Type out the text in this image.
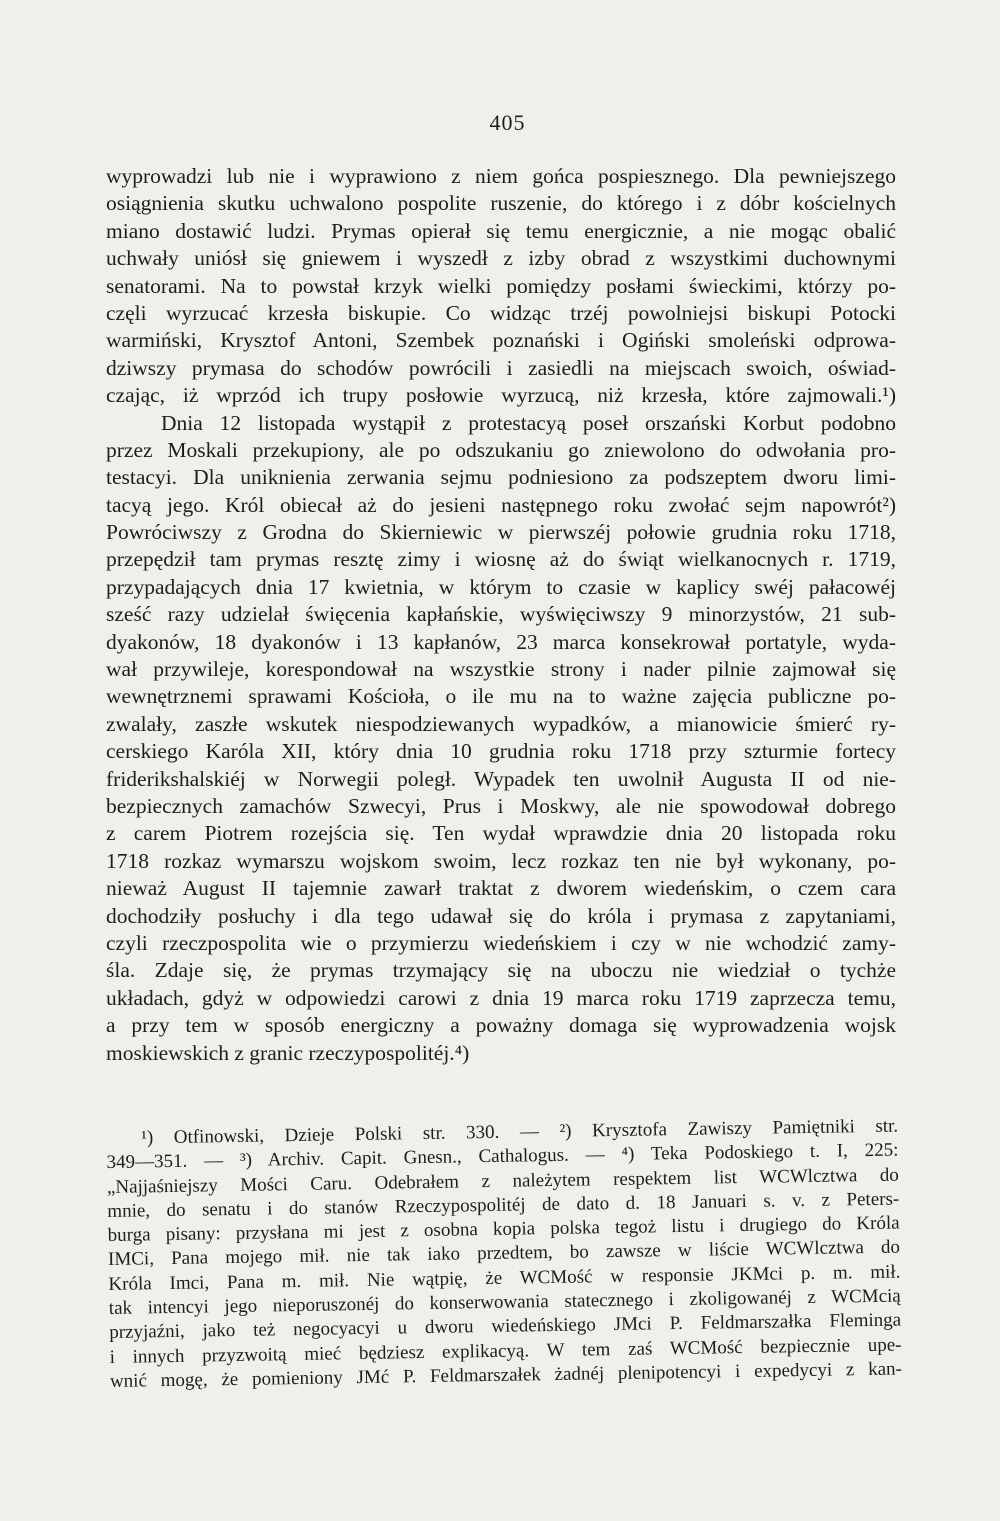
405
wyprowadzi lub nie i wyprawiono z niem gońca pospiesznego. Dla pewniejszego
osiągnienia skutku uchwalono pospolite ruszenie, do którego i z dóbr kościelnych
miano dostawić ludzi. Prymas opierał się temu energicznie, a nie mogąc obalić
uchwały uniósł się gniewem i wyszedł z izby obrad z wszystkimi duchownymi
senatorami. Na to powstał krzyk wielki pomiędzy posłami świeckimi, którzy po-
częli wyrzucać krzesła biskupie. Co widząc trzéj powolniejsi biskupi Potocki
warmiński, Krysztof Antoni, Szembek poznański i Ogiński smoleński odprowa-
dziwszy prymasa do schodów powrócili i zasiedli na miejscach swoich, oświad-
czając, iż wprzód ich trupy posłowie wyrzucą, niż krzesła, które zajmowali.¹)
Dnia 12 listopada wystąpił z protestacyą poseł orszański Korbut podobno
przez Moskali przekupiony, ale po odszukaniu go zniewolono do odwołania pro-
testacyi. Dla uniknienia zerwania sejmu podniesiono za podszeptem dworu limi-
tacyą jego. Król obiecał aż do jesieni następnego roku zwołać sejm napowrót²)
Powróciwszy z Grodna do Skierniewic w pierwszéj połowie grudnia roku 1718,
przepędził tam prymas resztę zimy i wiosnę aż do świąt wielkanocnych r. 1719,
przypadających dnia 17 kwietnia, w którym to czasie w kaplicy swéj pałacowéj
sześć razy udzielał święcenia kapłańskie, wyświęciwszy 9 minorzystów, 21 sub-
dyakonów, 18 dyakonów i 13 kapłanów, 23 marca konsekrował portatyle, wyda-
wał przywileje, korespondował na wszystkie strony i nader pilnie zajmował się
wewnętrznemi sprawami Kościoła, o ile mu na to ważne zajęcia publiczne po-
zwalały, zaszłe wskutek niespodziewanych wypadków, a mianowicie śmierć ry-
cerskiego Karóla XII, który dnia 10 grudnia roku 1718 przy szturmie fortecy
friderikshalskiéj w Norwegii poległ. Wypadek ten uwolnił Augusta II od nie-
bezpiecznych zamachów Szwecyi, Prus i Moskwy, ale nie spowodował dobrego
z carem Piotrem rozejścia się. Ten wydał wprawdzie dnia 20 listopada roku
1718 rozkaz wymarszu wojskom swoim, lecz rozkaz ten nie był wykonany, po-
nieważ August II tajemnie zawarł traktat z dworem wiedeńskim, o czem cara
dochodziły posłuchy i dla tego udawał się do króla i prymasa z zapytaniami,
czyli rzeczpospolita wie o przymierzu wiedeńskiem i czy w nie wchodzić zamy-
śla. Zdaje się, że prymas trzymający się na uboczu nie wiedział o tychże
układach, gdyż w odpowiedzi carowi z dnia 19 marca roku 1719 zaprzecza temu,
a przy tem w sposób energiczny a poważny domaga się wyprowadzenia wojsk
moskiewskich z granic rzeczypospolitéj.⁴)
¹) Otfinowski, Dzieje Polski str. 330. — ²) Krysztofa Zawiszy Pamiętniki str.
349—351. — ³) Archiv. Capit. Gnesn., Cathalogus. — ⁴) Teka Podoskiego t. I, 225:
„Najjaśniejszy Mości Caru. Odebrałem z należytem respektem list WCWlcztwa do
mnie, do senatu i do stanów Rzeczypospolitéj de dato d. 18 Januari s. v. z Peters-
burga pisany: przysłana mi jest z osobna kopia polska tegoż listu i drugiego do Króla
IMCi, Pana mojego mił. nie tak iako przedtem, bo zawsze w liście WCWlcztwa do
Króla Imci, Pana m. mił. Nie wątpię, że WCMość w responsie JKMci p. m. mił.
tak intencyi jego nieporuszonéj do konserwowania statecznego i zkoligowanéj z WCMcią
przyjaźni, jako też negocyacyi u dworu wiedeńskiego JMci P. Feldmarszałka Fleminga
i innych przyzwoitą mieć będziesz explikacyą. W tem zaś WCMość bezpiecznie upe-
wnić mogę, że pomieniony JMć P. Feldmarszałek żadnéj plenipotencyi i expedycyi z kan-
